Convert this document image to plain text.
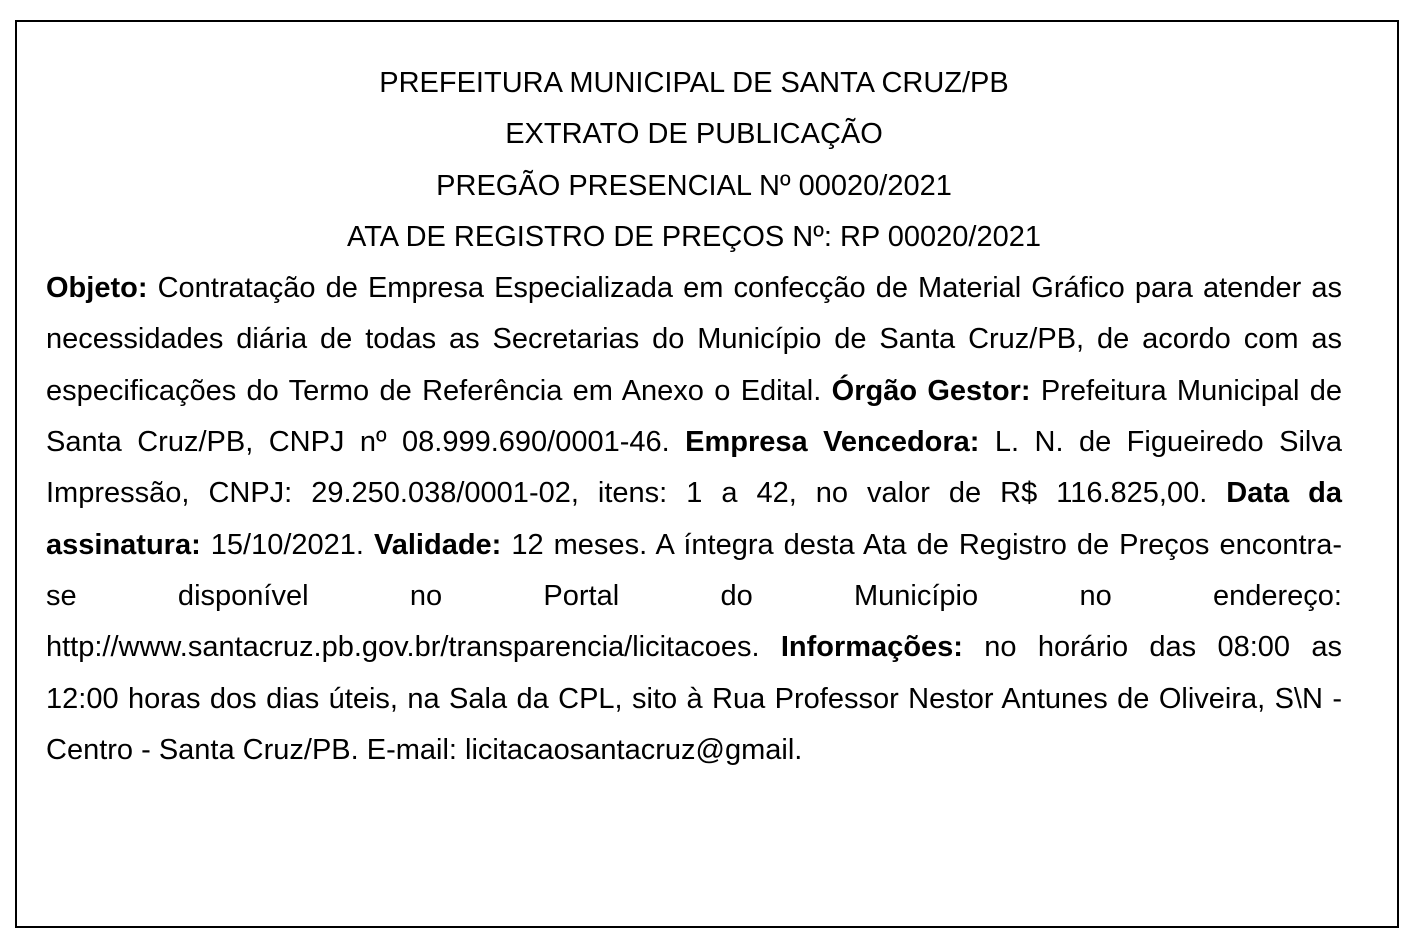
PREFEITURA MUNICIPAL DE SANTA CRUZ/PB

EXTRATO DE PUBLICAÇÃO

PREGÃO PRESENCIAL Nº 00020/2021

ATA DE REGISTRO DE PREÇOS Nº: RP 00020/2021

Objeto: Contratação de Empresa Especializada em confecção de Material Gráfico para atender as necessidades diária de todas as Secretarias do Município de Santa Cruz/PB, de acordo com as especificações do Termo de Referência em Anexo o Edital. Órgão Gestor: Prefeitura Municipal de Santa Cruz/PB, CNPJ nº 08.999.690/0001-46. Empresa Vencedora: L. N. de Figueiredo Silva Impressão, CNPJ: 29.250.038/0001-02, itens: 1 a 42, no valor de R$ 116.825,00. Data da assinatura: 15/10/2021. Validade: 12 meses. A íntegra desta Ata de Registro de Preços encontra-se disponível no Portal do Município no endereço: http://www.santacruz.pb.gov.br/transparencia/licitacoes. Informações: no horário das 08:00 as 12:00 horas dos dias úteis, na Sala da CPL, sito à Rua Professor Nestor Antunes de Oliveira, S\N - Centro - Santa Cruz/PB. E-mail: licitacaosantacruz@gmail.
